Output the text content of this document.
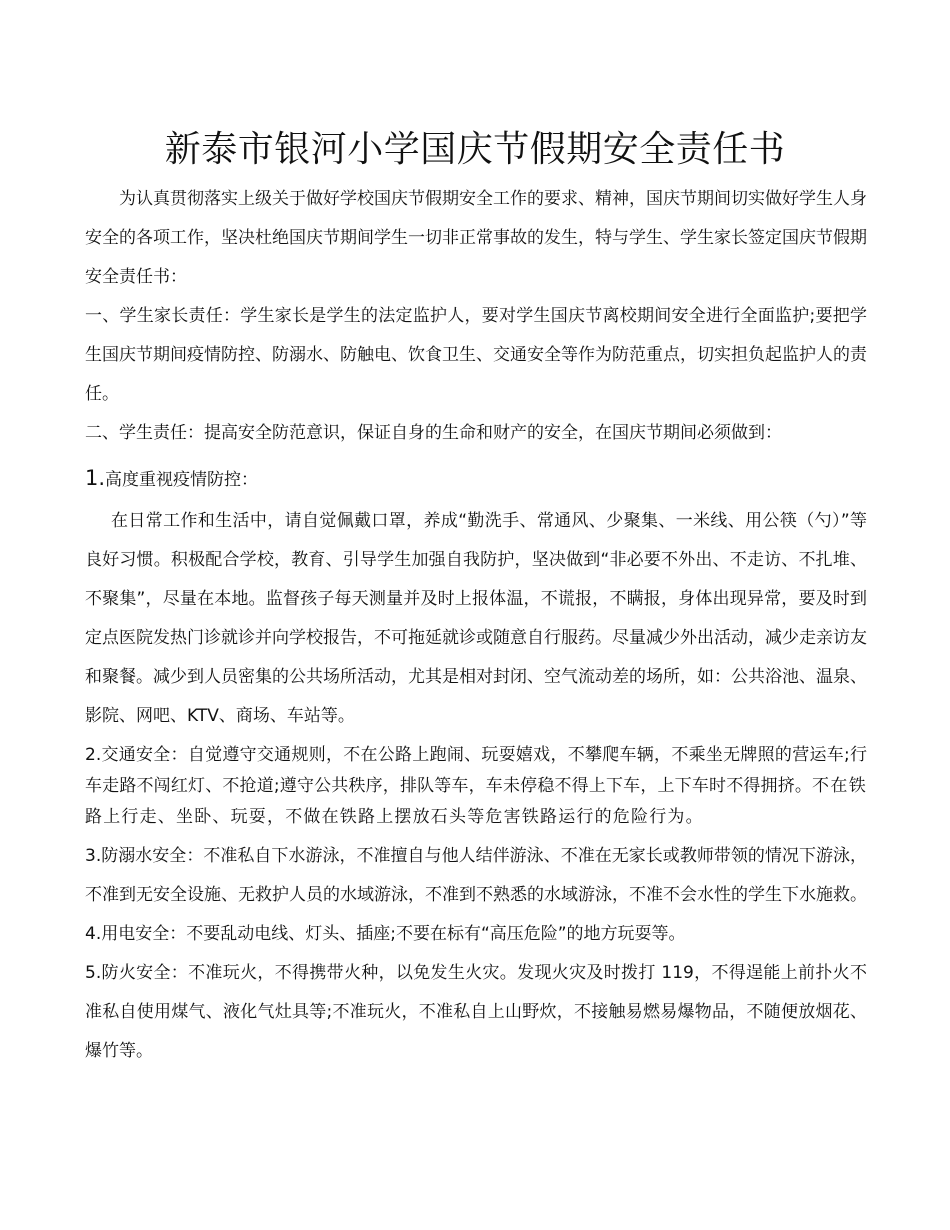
新泰市银河小学国庆节假期安全责任书

为认真贯彻落实上级关于做好学校国庆节假期安全工作的要求、精神，国庆节期间切实做好学生人身安全的各项工作，坚决杜绝国庆节期间学生一切非正常事故的发生，特与学生、学生家长签定国庆节假期安全责任书：

一、学生家长责任：学生家长是学生的法定监护人，要对学生国庆节离校期间安全进行全面监护;要把学生国庆节期间疫情防控、防溺水、防触电、饮食卫生、交通安全等作为防范重点，切实担负起监护人的责任。

二、学生责任：提高安全防范意识，保证自身的生命和财产的安全，在国庆节期间必须做到：

1.高度重视疫情防控：

在日常工作和生活中，请自觉佩戴口罩，养成“勤洗手、常通风、少聚集、一米线、用公筷（勺）”等良好习惯。积极配合学校，教育、引导学生加强自我防护，坚决做到“非必要不外出、不走访、不扎堆、不聚集”，尽量在本地。监督孩子每天测量并及时上报体温，不谎报，不瞒报，身体出现异常，要及时到定点医院发热门诊就诊并向学校报告，不可拖延就诊或随意自行服药。尽量减少外出活动，减少走亲访友和聚餐。减少到人员密集的公共场所活动，尤其是相对封闭、空气流动差的场所，如：公共浴池、温泉、影院、网吧、KTV、商场、车站等。

2.交通安全：自觉遵守交通规则，不在公路上跑闹、玩耍嬉戏，不攀爬车辆，不乘坐无牌照的营运车;行车走路不闯红灯、不抢道;遵守公共秩序，排队等车，车未停稳不得上下车，上下车时不得拥挤。不在铁路上行走、坐卧、玩耍，不做在铁路上摆放石头等危害铁路运行的危险行为。

3.防溺水安全：不准私自下水游泳，不准擅自与他人结伴游泳、不准在无家长或教师带领的情况下游泳，不准到无安全设施、无救护人员的水域游泳，不准到不熟悉的水域游泳，不准不会水性的学生下水施救。

4.用电安全：不要乱动电线、灯头、插座;不要在标有“高压危险”的地方玩耍等。

5.防火安全：不准玩火，不得携带火种，以免发生火灾。发现火灾及时拨打 119，不得逞能上前扑火不准私自使用煤气、液化气灶具等;不准玩火，不准私自上山野炊，不接触易燃易爆物品，不随便放烟花、爆竹等。
